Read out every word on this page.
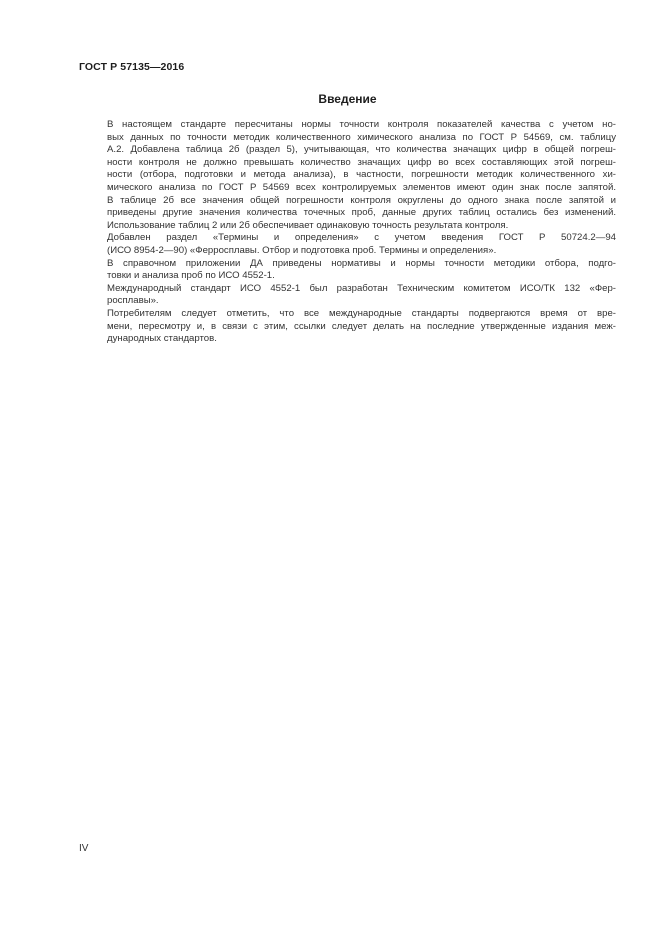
ГОСТ Р 57135—2016
Введение

В настоящем стандарте пересчитаны нормы точности контроля показателей качества с учетом но-
вых данных по точности методик количественного химического анализа по ГОСТ Р 54569, см. таблицу
А.2. Добавлена таблица 2б (раздел 5), учитывающая, что количества значащих цифр в общей погреш-
ности контроля не должно превышать количество значащих цифр во всех составляющих этой погреш-
ности (отбора, подготовки и метода анализа), в частности, погрешности методик количественного хи-
мического анализа по ГОСТ Р 54569 всех контролируемых элементов имеют один знак после запятой.
В таблице 2б все значения общей погрешности контроля округлены до одного знака после запятой и
приведены другие значения количества точечных проб, данные других таблиц остались без изменений.
Использование таблиц 2 или 2б обеспечивает одинаковую точность результата контроля.

Добавлен раздел «Термины и определения» с учетом введения ГОСТ Р 50724.2—94
(ИСО 8954-2—90) «Ферросплавы. Отбор и подготовка проб. Термины и определения».

В справочном приложении ДА приведены нормативы и нормы точности методики отбора, подго-
товки и анализа проб по ИСО 4552-1.

Международный стандарт ИСО 4552-1 был разработан Техническим комитетом ИСО/ТК 132 «Фер-
росплавы».

Потребителям следует отметить, что все международные стандарты подвергаются время от вре-
мени, пересмотру и, в связи с этим, ссылки следует делать на последние утвержденные издания меж-
дународных стандартов.

IV
